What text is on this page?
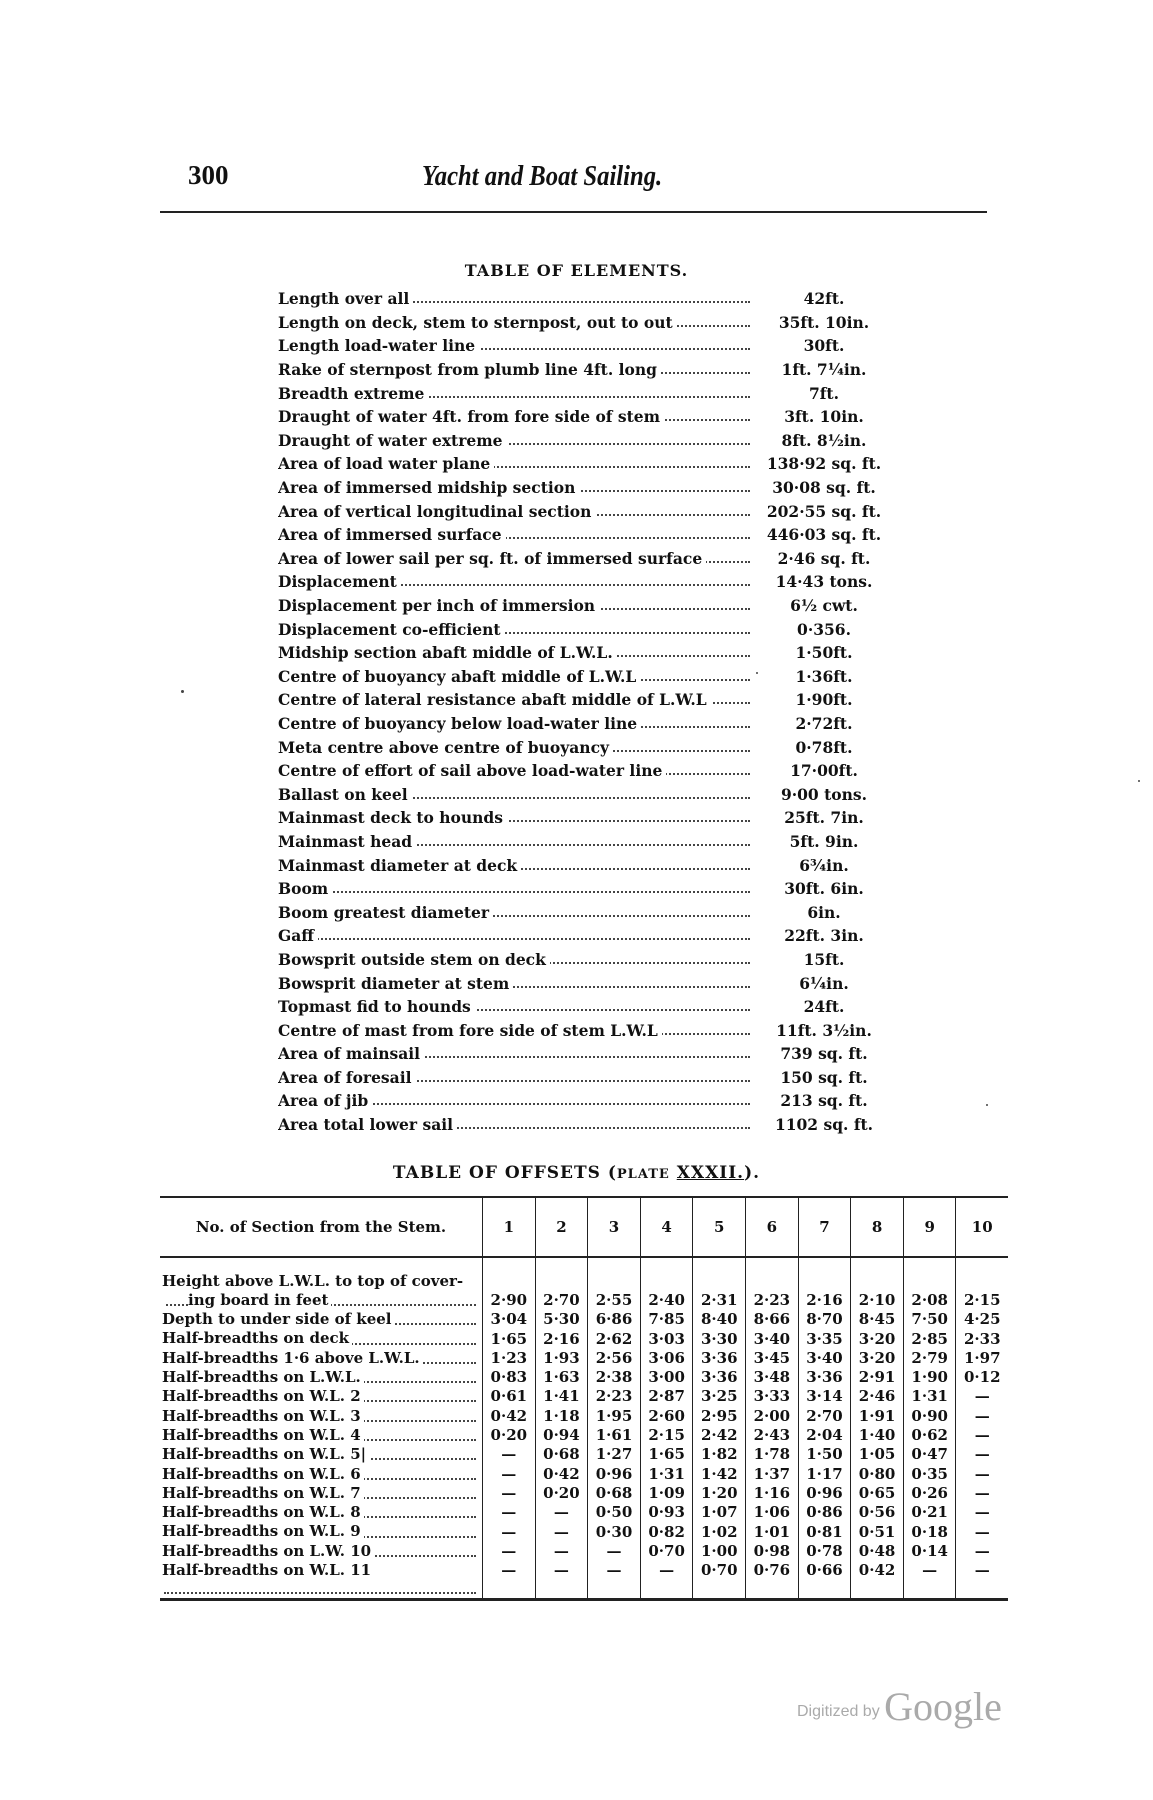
300	Yacht and Boat Sailing.
TABLE OF ELEMENTS.
Length over all	42ft.
Length on deck, stem to sternpost, out to out	35ft. 10in.
Length load-water line	30ft.
Rake of sternpost from plumb line 4ft. long	1ft. 7¼in.
Breadth extreme	7ft.
Draught of water 4ft. from fore side of stem	3ft. 10in.
Draught of water extreme	8ft. 8½in.
Area of load water plane	138·92 sq. ft.
Area of immersed midship section	30·08 sq. ft.
Area of vertical longitudinal section	202·55 sq. ft.
Area of immersed surface	446·03 sq. ft.
Area of lower sail per sq. ft. of immersed surface	2·46 sq. ft.
Displacement	14·43 tons.
Displacement per inch of immersion	6½ cwt.
Displacement co-efficient	0·356.
Midship section abaft middle of L.W.L.	1·50ft.
Centre of buoyancy abaft middle of L.W.L	1·36ft.
Centre of lateral resistance abaft middle of L.W.L	1·90ft.
Centre of buoyancy below load-water line	2·72ft.
Meta centre above centre of buoyancy	0·78ft.
Centre of effort of sail above load-water line	17·00ft.
Ballast on keel	9·00 tons.
Mainmast deck to hounds	25ft. 7in.
Mainmast head	5ft. 9in.
Mainmast diameter at deck	6¾in.
Boom	30ft. 6in.
Boom greatest diameter	6in.
Gaff	22ft. 3in.
Bowsprit outside stem on deck	15ft.
Bowsprit diameter at stem	6¼in.
Topmast fid to hounds	24ft.
Centre of mast from fore side of stem L.W.L	11ft. 3½in.
Area of mainsail	739 sq. ft.
Area of foresail	150 sq. ft.
Area of jib	213 sq. ft.
Area total lower sail	1102 sq. ft.
TABLE OF OFFSETS (PLATE XXXII.).
No. of Section from the Stem.	1	2	3	4	5	6	7	8	9	10
Height above L.W.L. to top of cover-
ing board in feet	2·90	2·70	2·55	2·40	2·31	2·23	2·16	2·10	2·08	2·15

Depth to under side of keel	3·04	5·30	6·86	7·85	8·40	8·66	8·70	8·45	7·50	4·25

Half-breadths on deck	1·65	2·16	2·62	3·03	3·30	3·40	3·35	3·20	2·85	2·33

Half-breadths 1·6 above L.W.L.	1·23	1·93	2·56	3·06	3·36	3·45	3·40	3·20	2·79	1·97

Half-breadths on L.W.L.	0·83	1·63	2·38	3·00	3·36	3·48	3·36	2·91	1·90	0·12

Half-breadths on W.L. 2	0·61	1·41	2·23	2·87	3·25	3·33	3·14	2·46	1·31	—

Half-breadths on W.L. 3	0·42	1·18	1·95	2·60	2·95	2·00	2·70	1·91	0·90	—

Half-breadths on W.L. 4	0·20	0·94	1·61	2·15	2·42	2·43	2·04	1·40	0·62	—

Half-breadths on W.L. 5|	—	0·68	1·27	1·65	1·82	1·78	1·50	1·05	0·47	—

Half-breadths on W.L. 6	—	0·42	0·96	1·31	1·42	1·37	1·17	0·80	0·35	—

Half-breadths on W.L. 7	—	0·20	0·68	1·09	1·20	1·16	0·96	0·65	0·26	—

Half-breadths on W.L. 8	—	—	0·50	0·93	1·07	1·06	0·86	0·56	0·21	—

Half-breadths on W.L. 9	—	—	0·30	0·82	1·02	1·01	0·81	0·51	0·18	—

Half-breadths on L.W. 10	—	—	—	0·70	1·00	0·98	0·78	0·48	0·14	—

Half-breadths on W.L. 11	—	—	—	—	0·70	0·76	0·66	0·42	—	—
Digitized by Google
